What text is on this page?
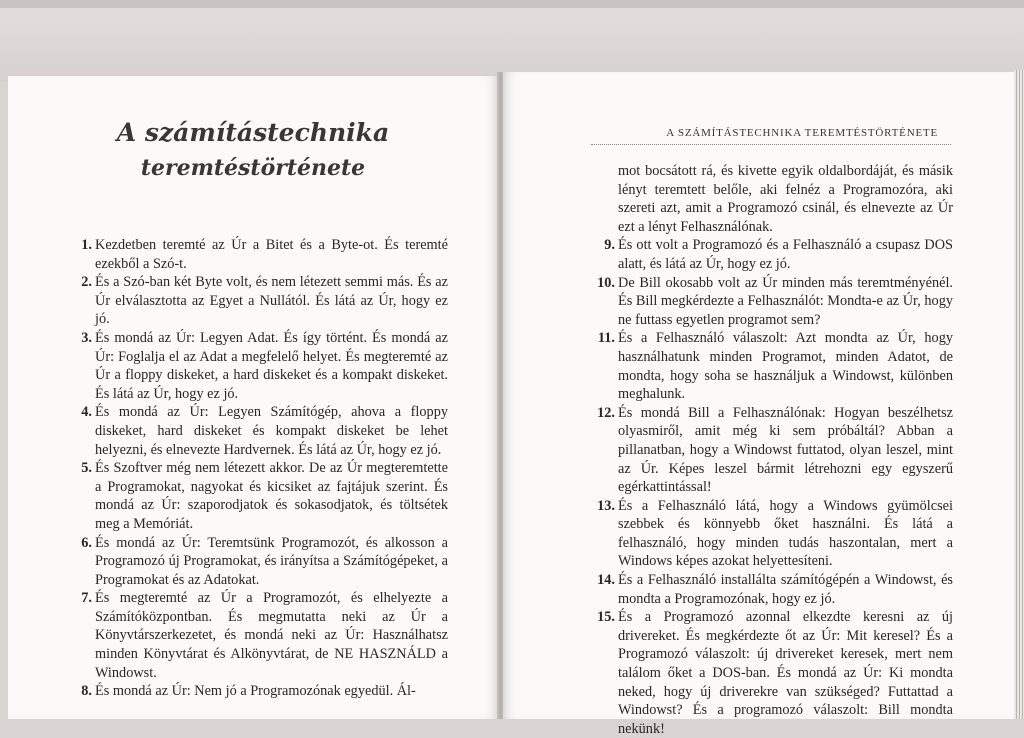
A számítástechnika
teremtéstörténete
1. Kezdetben teremté az Úr a Bitet és a Byte-ot. És teremté ezekből a Szó-t.
2. És a Szó-ban két Byte volt, és nem létezett semmi más. És az Úr elválasztotta az Egyet a Nullától. És látá az Úr, hogy ez jó.
3. És mondá az Úr: Legyen Adat. És így történt. És mondá az Úr: Foglalja el az Adat a megfelelő helyet. És megteremté az Úr a floppy diskeket, a hard diskeket és a kompakt diskeket. És látá az Úr, hogy ez jó.
4. És mondá az Úr: Legyen Számítógép, ahova a floppy diskeket, hard diskeket és kompakt diskeket be lehet helyezni, és elnevezte Hardvernek. És látá az Úr, hogy ez jó.
5. És Szoftver még nem létezett akkor. De az Úr megteremtette a Programokat, nagyokat és kicsiket az fajtájuk szerint. És mondá az Úr: szaporodjatok és sokasodjatok, és töltsétek meg a Memóriát.
6. És mondá az Úr: Teremtsünk Programozót, és alkosson a Programozó új Programokat, és irányítsa a Számítógépeket, a Programokat és az Adatokat.
7. És megteremté az Úr a Programozót, és elhelyezte a Számítóközpontban. És megmutatta neki az Úr a Könyvtárszerkezetet, és mondá neki az Úr: Használhatsz minden Könyvtárat és Alkönyvtárat, de NE HASZNÁLD a Windowst.
8. És mondá az Úr: Nem jó a Programozónak egyedül. Ál-
A SZÁMÍTÁSTECHNIKA TEREMTÉSTÖRTÉNETE
mot bocsátott rá, és kivette egyik oldalbordáját, és másik lényt teremtett belőle, aki felnéz a Programozóra, aki szereti azt, amit a Programozó csinál, és elnevezte az Úr ezt a lényt Felhasználónak.
9. És ott volt a Programozó és a Felhasználó a csupasz DOS alatt, és látá az Úr, hogy ez jó.
10. De Bill okosabb volt az Úr minden más teremtményénél. És Bill megkérdezte a Felhasználót: Mondta-e az Úr, hogy ne futtass egyetlen programot sem?
11. És a Felhasználó válaszolt: Azt mondta az Úr, hogy használhatunk minden Programot, minden Adatot, de mondta, hogy soha se használjuk a Windowst, különben meghalunk.
12. És mondá Bill a Felhasználónak: Hogyan beszélhetsz olyasmiről, amit még ki sem próbáltál? Abban a pillanatban, hogy a Windowst futtatod, olyan leszel, mint az Úr. Képes leszel bármit létrehozni egy egyszerű egérkattintással!
13. És a Felhasználó látá, hogy a Windows gyümölcsei szebbek és könnyebb őket használni. És látá a felhasználó, hogy minden tudás haszontalan, mert a Windows képes azokat helyettesíteni.
14. És a Felhasználó installálta számítógépén a Windowst, és mondta a Programozónak, hogy ez jó.
15. És a Programozó azonnal elkezdte keresni az új drivereket. És megkérdezte őt az Úr: Mit keresel? És a Programozó válaszolt: új drivereket keresek, mert nem találom őket a DOS-ban. És mondá az Úr: Ki mondta neked, hogy új driverekre van szükséged? Futtattad a Windowst? És a programozó válaszolt: Bill mondta nekünk!
